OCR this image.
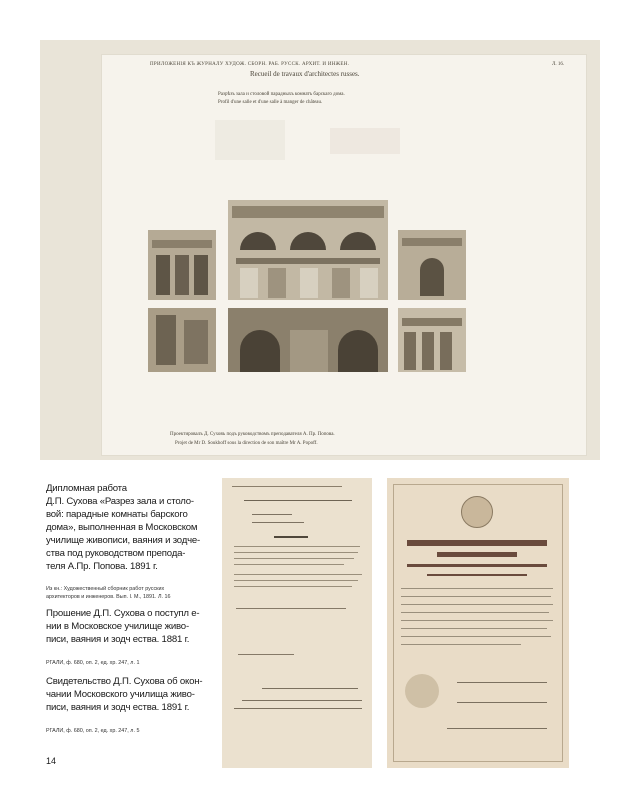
ПРИЛОЖЕНIЯ КЪ ЖУРНАЛУ ХУДОЖ. СБОРН. РАБ. РУССК. АРХИТ. И ИНЖЕН.	Л. 16.
Recueil de travaux d'architectes russes.
Разрѣзъ зала и столовой парадныхъ комнатъ барскаго дома.
Profil d'une salle et d'une salle à manger de château.
Проектировалъ Д. Суховъ подъ руководствомъ преподавателя А. Пр. Попова.
Projet de Mr D. Soukhoff sous la direction de son maître Mr A. Popoff.
Дипломная работа
Д.П. Сухова «Разрез зала и столо-
вой: парадные комнаты барского
дома», выполненная в Московском
училище живописи, ваяния и зодче-
ства под руководством препода-
теля А.Пр. Попова. 1891 г.
Из кн.: Художественный сборник работ русских
архитекторов и инженеров. Вып. I. М., 1891. Л. 16
Прошение Д.П. Сухова о поступл е-
нии в Московское училище живо-
писи, ваяния и зодч ества. 1881 г.
РГАЛИ, ф. 680, оп. 2, ед. хр. 247, л. 1
Свидетельство Д.П. Сухова об окон-
чании Московского училища живо-
писи, ваяния и зодч ества. 1891 г.
РГАЛИ, ф. 680, оп. 2, ед. хр. 247, л. 5
14
